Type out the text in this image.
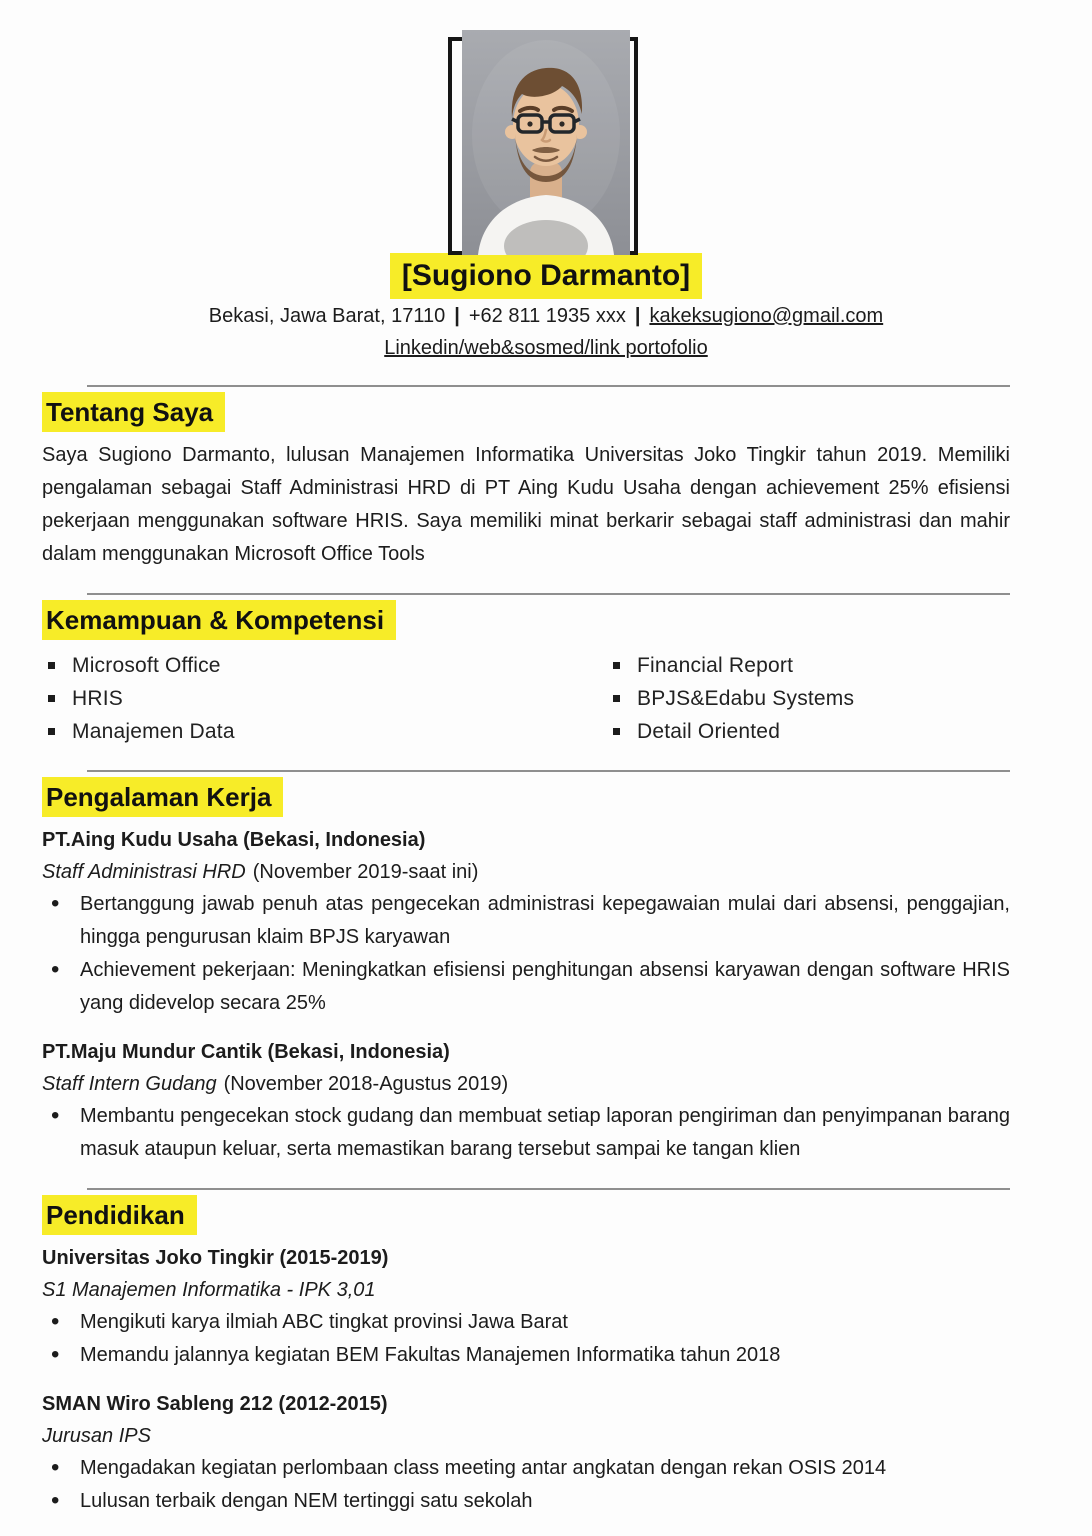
[Sugiono Darmanto]
Bekasi, Jawa Barat, 17110 | +62 811 1935 xxx | kakeksugiono@gmail.com
Linkedin/web&sosmed/link portofolio
Tentang Saya

Saya Sugiono Darmanto, lulusan Manajemen Informatika Universitas Joko Tingkir tahun 2019. Memiliki pengalaman sebagai Staff Administrasi HRD di PT Aing Kudu Usaha dengan achievement 25% efisiensi pekerjaan menggunakan software HRIS. Saya memiliki minat berkarir sebagai staff administrasi dan mahir dalam menggunakan Microsoft Office Tools

Kemampuan & Kompetensi
Microsoft Office	Financial Report
HRIS	BPJS&Edabu Systems
Manajemen Data	Detail Oriented
Pengalaman Kerja
PT.Aing Kudu Usaha (Bekasi, Indonesia)
Staff Administrasi HRD (November 2019-saat ini)
• Bertanggung jawab penuh atas pengecekan administrasi kepegawaian mulai dari absensi, penggajian, hingga pengurusan klaim BPJS karyawan
• Achievement pekerjaan: Meningkatkan efisiensi penghitungan absensi karyawan dengan software HRIS yang didevelop secara 25%
PT.Maju Mundur Cantik (Bekasi, Indonesia)
Staff Intern Gudang (November 2018-Agustus 2019)
• Membantu pengecekan stock gudang dan membuat setiap laporan pengiriman dan penyimpanan barang masuk ataupun keluar, serta memastikan barang tersebut sampai ke tangan klien
Pendidikan
Universitas Joko Tingkir (2015-2019)
S1 Manajemen Informatika - IPK 3,01
• Mengikuti karya ilmiah ABC tingkat provinsi Jawa Barat
• Memandu jalannya kegiatan BEM Fakultas Manajemen Informatika tahun 2018
SMAN Wiro Sableng 212 (2012-2015)
Jurusan IPS
• Mengadakan kegiatan perlombaan class meeting antar angkatan dengan rekan OSIS 2014
• Lulusan terbaik dengan NEM tertinggi satu sekolah
